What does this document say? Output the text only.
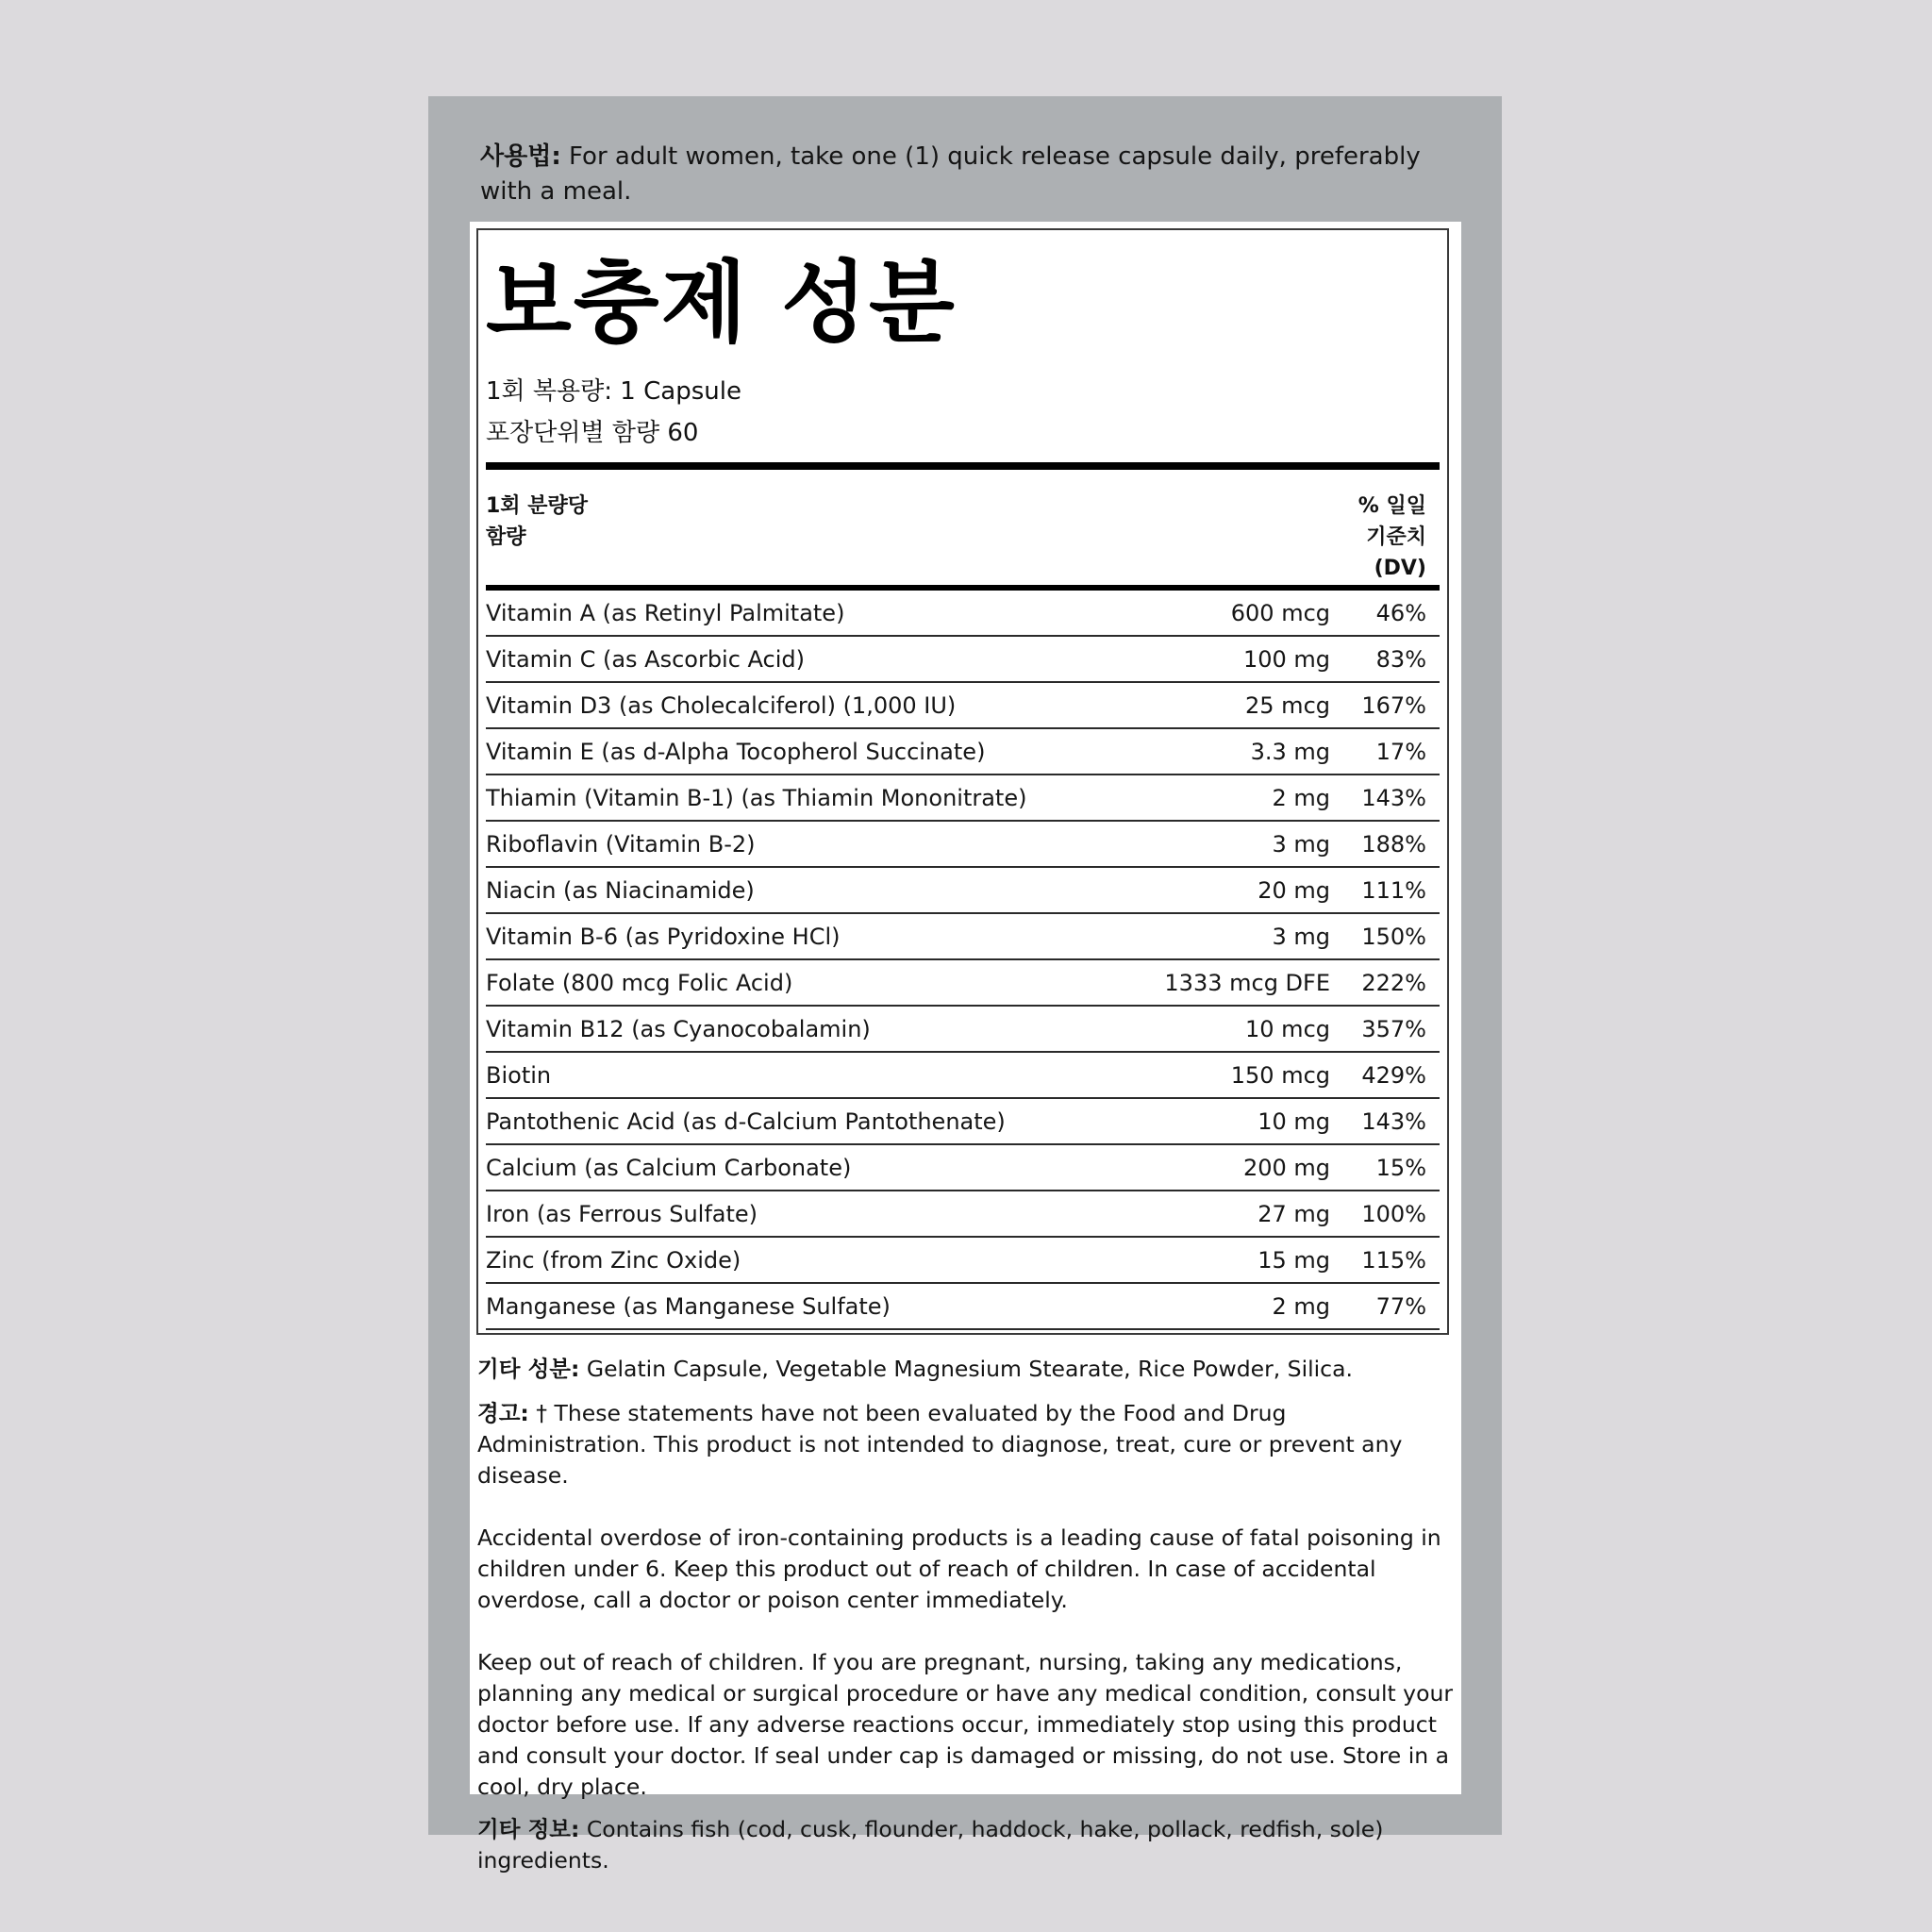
사용법: For adult women, take one (1) quick release capsule daily, preferably with a meal.
보충제 성분
1회 복용량: 1 Capsule
포장단위별 함량 60
1회 분량당
함량
% 일일
기준치
(DV)
Vitamin A (as Retinyl Palmitate)	600 mcg	46%
Vitamin C (as Ascorbic Acid)	100 mg	83%
Vitamin D3 (as Cholecalciferol) (1,000 IU)	25 mcg	167%
Vitamin E (as d-Alpha Tocopherol Succinate)	3.3 mg	17%
Thiamin (Vitamin B-1) (as Thiamin Mononitrate)	2 mg	143%
Riboflavin (Vitamin B-2)	3 mg	188%
Niacin (as Niacinamide)	20 mg	111%
Vitamin B-6 (as Pyridoxine HCl)	3 mg	150%
Folate (800 mcg Folic Acid)	1333 mcg DFE	222%
Vitamin B12 (as Cyanocobalamin)	10 mcg	357%
Biotin	150 mcg	429%
Pantothenic Acid (as d-Calcium Pantothenate)	10 mg	143%
Calcium (as Calcium Carbonate)	200 mg	15%
Iron (as Ferrous Sulfate)	27 mg	100%
Zinc (from Zinc Oxide)	15 mg	115%
Manganese (as Manganese Sulfate)	2 mg	77%

기타 성분: Gelatin Capsule, Vegetable Magnesium Stearate, Rice Powder, Silica.

경고: † These statements have not been evaluated by the Food and Drug Administration. This product is not intended to diagnose, treat, cure or prevent any disease.

Accidental overdose of iron-containing products is a leading cause of fatal poisoning in children under 6. Keep this product out of reach of children. In case of accidental overdose, call a doctor or poison center immediately.

Keep out of reach of children. If you are pregnant, nursing, taking any medications, planning any medical or surgical procedure or have any medical condition, consult your doctor before use. If any adverse reactions occur, immediately stop using this product and consult your doctor. If seal under cap is damaged or missing, do not use. Store in a cool, dry place.

기타 정보: Contains fish (cod, cusk, flounder, haddock, hake, pollack, redfish, sole) ingredients.
